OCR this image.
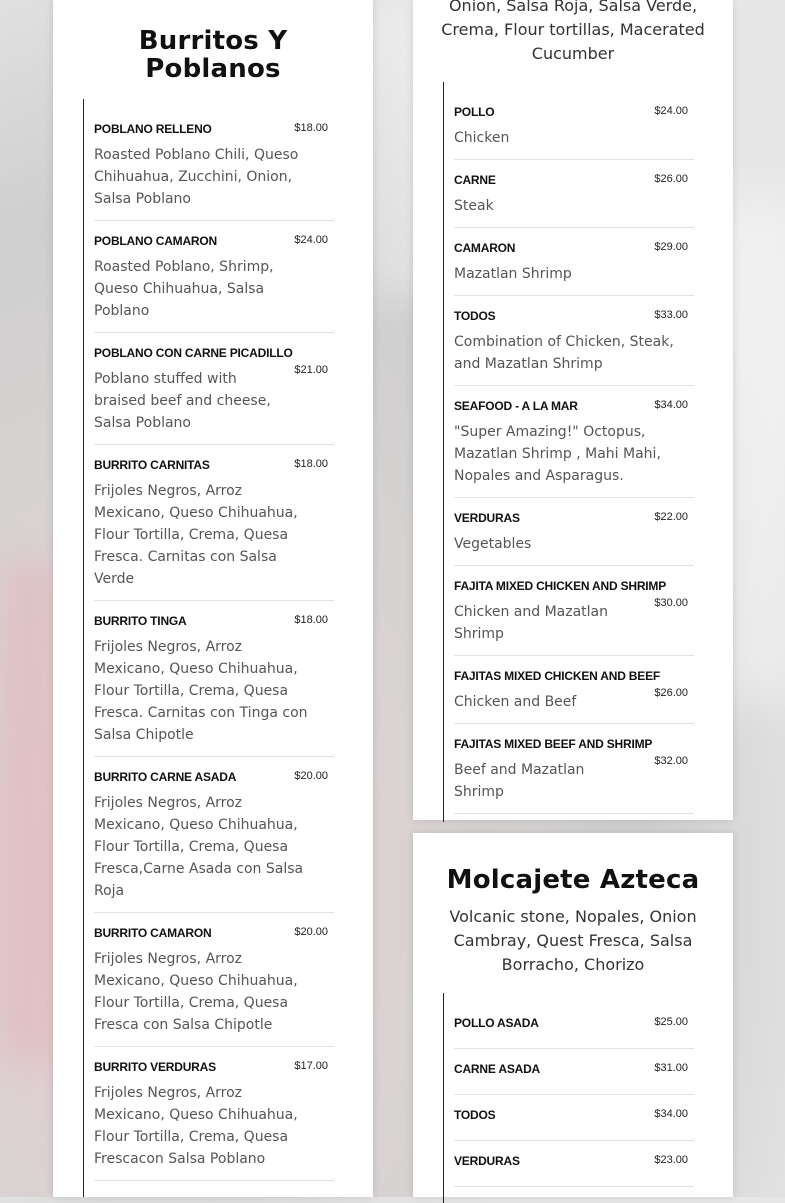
Burritos Y
Poblanos
POBLANO RELLENO	$18.00
Roasted Poblano Chili, Queso Chihuahua, Zucchini, Onion, Salsa Poblano
POBLANO CAMARON	$24.00
Roasted Poblano, Shrimp, Queso Chihuahua, Salsa Poblano
POBLANO CON CARNE PICADILLO
$21.00
Poblano stuffed with braised beef and cheese, Salsa Poblano
BURRITO CARNITAS	$18.00
Frijoles Negros, Arroz Mexicano, Queso Chihuahua, Flour Tortilla, Crema, Quesa Fresca. Carnitas con Salsa Verde
BURRITO TINGA	$18.00
Frijoles Negros, Arroz Mexicano, Queso Chihuahua, Flour Tortilla, Crema, Quesa Fresca. Carnitas con Tinga con Salsa Chipotle
BURRITO CARNE ASADA	$20.00
Frijoles Negros, Arroz Mexicano, Queso Chihuahua, Flour Tortilla, Crema, Quesa Fresca,Carne Asada con Salsa Roja
BURRITO CAMARON	$20.00
Frijoles Negros, Arroz Mexicano, Queso Chihuahua, Flour Tortilla, Crema, Quesa Fresca con Salsa Chipotle
BURRITO VERDURAS	$17.00
Frijoles Negros, Arroz Mexicano, Queso Chihuahua, Flour Tortilla, Crema, Quesa Frescacon Salsa Poblano
Onion, Salsa Roja, Salsa Verde, Crema, Flour tortillas, Macerated Cucumber
POLLO	$24.00
Chicken
CARNE	$26.00
Steak
CAMARON	$29.00
Mazatlan Shrimp
TODOS	$33.00
Combination of Chicken, Steak, and Mazatlan Shrimp
SEAFOOD - A LA MAR	$34.00
"Super Amazing!" Octopus, Mazatlan Shrimp , Mahi Mahi, Nopales and Asparagus.
VERDURAS	$22.00
Vegetables
FAJITA MIXED CHICKEN AND SHRIMP
$30.00
Chicken and Mazatlan Shrimp
FAJITAS MIXED CHICKEN AND BEEF
$26.00
Chicken and Beef
FAJITAS MIXED BEEF AND SHRIMP
$32.00
Beef and Mazatlan Shrimp
Molcajete Azteca
Volcanic stone, Nopales, Onion Cambray, Quest Fresca, Salsa Borracho, Chorizo
POLLO ASADA	$25.00
CARNE ASADA	$31.00
TODOS	$34.00
VERDURAS	$23.00
